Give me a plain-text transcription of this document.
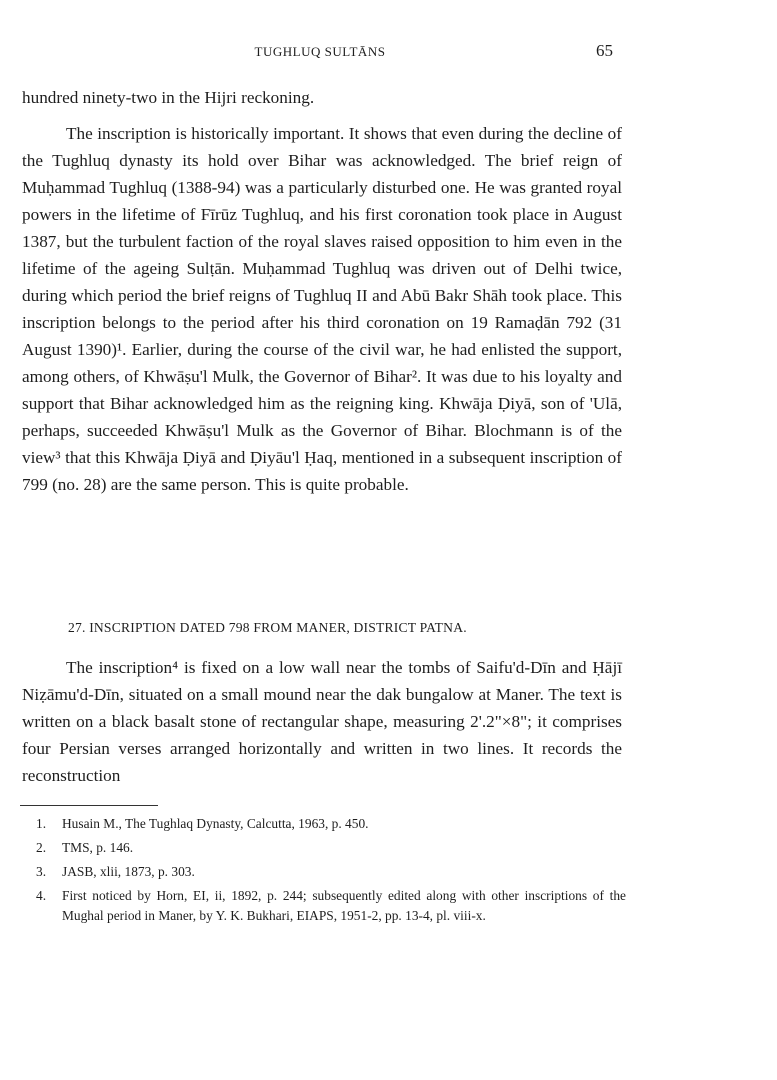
TUGHLUQ SULTĀNS	65

hundred ninety-two in the Hijri reckoning.

The inscription is historically important. It shows that even during the decline of the Tughluq dynasty its hold over Bihar was acknowledged. The brief reign of Muḥammad Tughluq (1388-94) was a particularly disturbed one. He was granted royal powers in the lifetime of Fīrūz Tughluq, and his first coronation took place in August 1387, but the turbulent faction of the royal slaves raised opposition to him even in the lifetime of the ageing Sulṭān. Muḥammad Tughluq was driven out of Delhi twice, during which period the brief reigns of Tughluq II and Abū Bakr Shāh took place. This inscription belongs to the period after his third coronation on 19 Ramaḍān 792 (31 August 1390)¹. Earlier, during the course of the civil war, he had enlisted the support, among others, of Khwāṣu'l Mulk, the Governor of Bihar². It was due to his loyalty and support that Bihar acknowledged him as the reigning king. Khwāja Ḍiyā, son of 'Ulā, perhaps, succeeded Khwāṣu'l Mulk as the Governor of Bihar. Blochmann is of the view³ that this Khwāja Ḍiyā and Ḍiyāu'l Ḥaq, mentioned in a subsequent inscription of 799 (no. 28) are the same person. This is quite probable.

27. INSCRIPTION DATED 798 FROM MANER, DISTRICT PATNA.

The inscription⁴ is fixed on a low wall near the tombs of Saifu'd-Dīn and Ḥājī Niẓāmu'd-Dīn, situated on a small mound near the dak bungalow at Maner. The text is written on a black basalt stone of rectangular shape, measuring 2'.2"×8"; it comprises four Persian verses arranged horizontally and written in two lines. It records the reconstruction

1.	Husain M., The Tughlaq Dynasty, Calcutta, 1963, p. 450.
2.	TMS, p. 146.
3.	JASB, xlii, 1873, p. 303.
4.	First noticed by Horn, EI, ii, 1892, p. 244; subsequently edited along with other inscriptions of the Mughal period in Maner, by Y. K. Bukhari, EIAPS, 1951-2, pp. 13-4, pl. viii-x.
